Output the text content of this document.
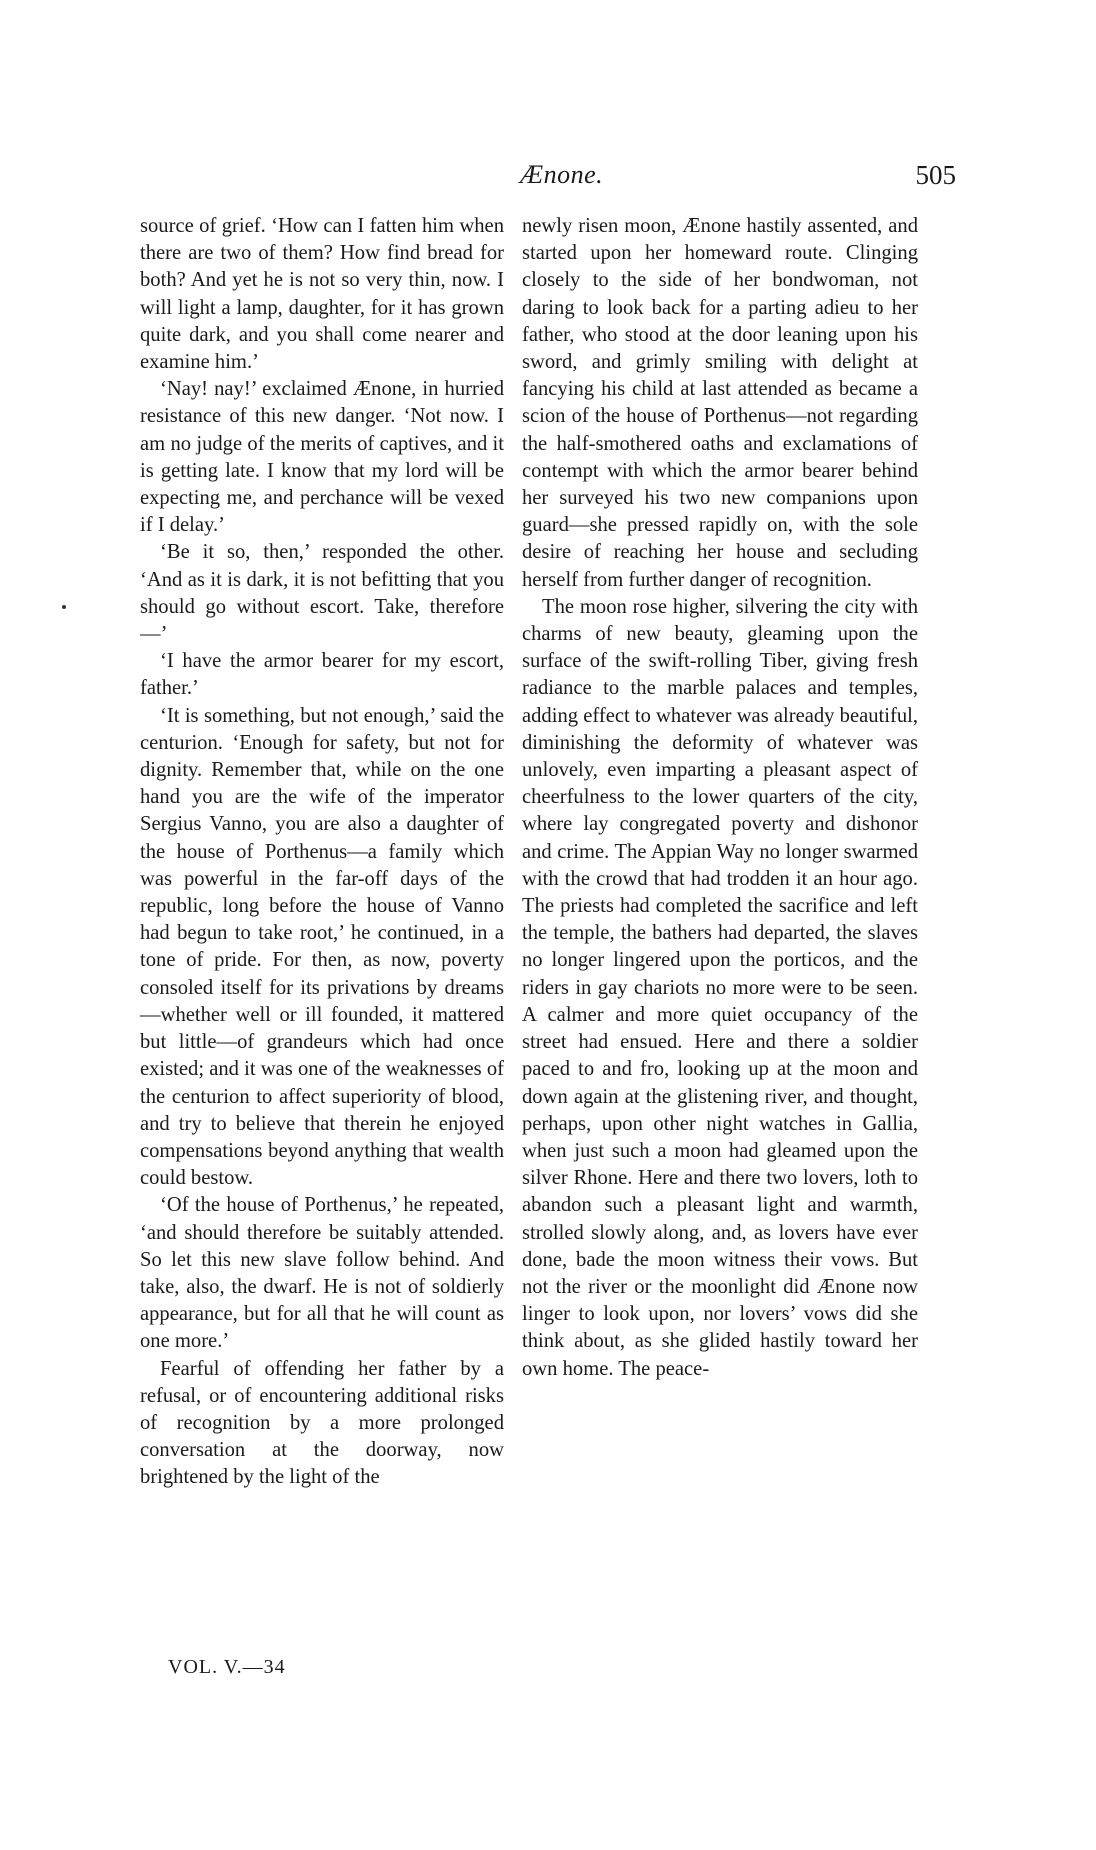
Ænone.	505

source of grief. ‘How can I fatten him when there are two of them? How find bread for both? And yet he is not so very thin, now. I will light a lamp, daughter, for it has grown quite dark, and you shall come nearer and examine him.’

‘Nay! nay!’ exclaimed Ænone, in hurried resistance of this new danger. ‘Not now. I am no judge of the merits of captives, and it is getting late. I know that my lord will be expecting me, and perchance will be vexed if I delay.’

‘Be it so, then,’ responded the other. ‘And as it is dark, it is not befitting that you should go without escort. Take, therefore—’

‘I have the armor bearer for my escort, father.’

‘It is something, but not enough,’ said the centurion. ‘Enough for safety, but not for dignity. Remember that, while on the one hand you are the wife of the imperator Sergius Vanno, you are also a daughter of the house of Porthenus—a family which was powerful in the far-off days of the republic, long before the house of Vanno had begun to take root,’ he continued, in a tone of pride. For then, as now, poverty consoled itself for its privations by dreams—whether well or ill founded, it mattered but little—of grandeurs which had once existed; and it was one of the weaknesses of the centurion to affect superiority of blood, and try to believe that therein he enjoyed compensations beyond anything that wealth could bestow.

‘Of the house of Porthenus,’ he repeated, ‘and should therefore be suitably attended. So let this new slave follow behind. And take, also, the dwarf. He is not of soldierly appearance, but for all that he will count as one more.’

Fearful of offending her father by a refusal, or of encountering additional risks of recognition by a more prolonged conversation at the doorway, now brightened by the light of the

newly risen moon, Ænone hastily assented, and started upon her homeward route. Clinging closely to the side of her bondwoman, not daring to look back for a parting adieu to her father, who stood at the door leaning upon his sword, and grimly smiling with delight at fancying his child at last attended as became a scion of the house of Porthenus—not regarding the half-smothered oaths and exclamations of contempt with which the armor bearer behind her surveyed his two new companions upon guard—she pressed rapidly on, with the sole desire of reaching her house and secluding herself from further danger of recognition.

The moon rose higher, silvering the city with charms of new beauty, gleaming upon the surface of the swift-rolling Tiber, giving fresh radiance to the marble palaces and temples, adding effect to whatever was already beautiful, diminishing the deformity of whatever was unlovely, even imparting a pleasant aspect of cheerfulness to the lower quarters of the city, where lay congregated poverty and dishonor and crime. The Appian Way no longer swarmed with the crowd that had trodden it an hour ago. The priests had completed the sacrifice and left the temple, the bathers had departed, the slaves no longer lingered upon the porticos, and the riders in gay chariots no more were to be seen. A calmer and more quiet occupancy of the street had ensued. Here and there a soldier paced to and fro, looking up at the moon and down again at the glistening river, and thought, perhaps, upon other night watches in Gallia, when just such a moon had gleamed upon the silver Rhone. Here and there two lovers, loth to abandon such a pleasant light and warmth, strolled slowly along, and, as lovers have ever done, bade the moon witness their vows. But not the river or the moonlight did Ænone now linger to look upon, nor lovers’ vows did she think about, as she glided hastily toward her own home. The peace-

VOL. V.—34
